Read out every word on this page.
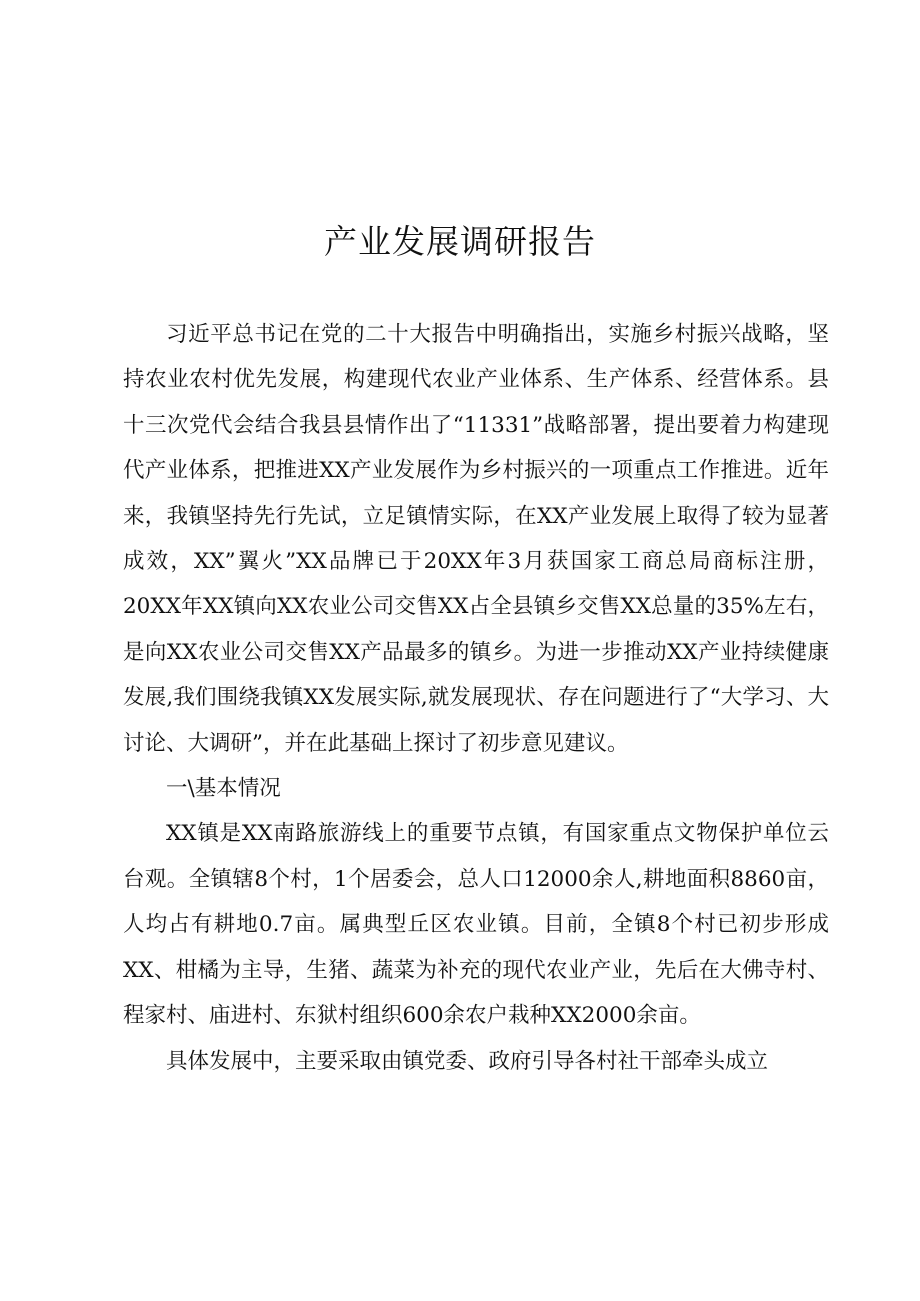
产业发展调研报告

习近平总书记在党的二十大报告中明确指出，实施乡村振兴战略，坚持农业农村优先发展，构建现代农业产业体系、生产体系、经营体系。县十三次党代会结合我县县情作出了“11331”战略部署，提出要着力构建现代产业体系，把推进XX产业发展作为乡村振兴的一项重点工作推进。近年来，我镇坚持先行先试，立足镇情实际，在XX产业发展上取得了较为显著成效，XX”翼火”XX品牌已于20XX年3月获国家工商总局商标注册，20XX年XX镇向XX农业公司交售XX占全县镇乡交售XX总量的35%左右，是向XX农业公司交售XX产品最多的镇乡。为进一步推动XX产业持续健康发展,我们围绕我镇XX发展实际,就发展现状、存在问题进行了“大学习、大讨论、大调研”，并在此基础上探讨了初步意见建议。

一\基本情况

XX镇是XX南路旅游线上的重要节点镇，有国家重点文物保护单位云台观。全镇辖8个村，1个居委会，总人口12000余人,耕地面积8860亩，人均占有耕地0.7亩。属典型丘区农业镇。目前，全镇8个村已初步形成XX、柑橘为主导，生猪、蔬菜为补充的现代农业产业，先后在大佛寺村、程家村、庙进村、东狱村组织600余农户栽种XX2000余亩。

具体发展中，主要采取由镇党委、政府引导各村社干部牵头成立
